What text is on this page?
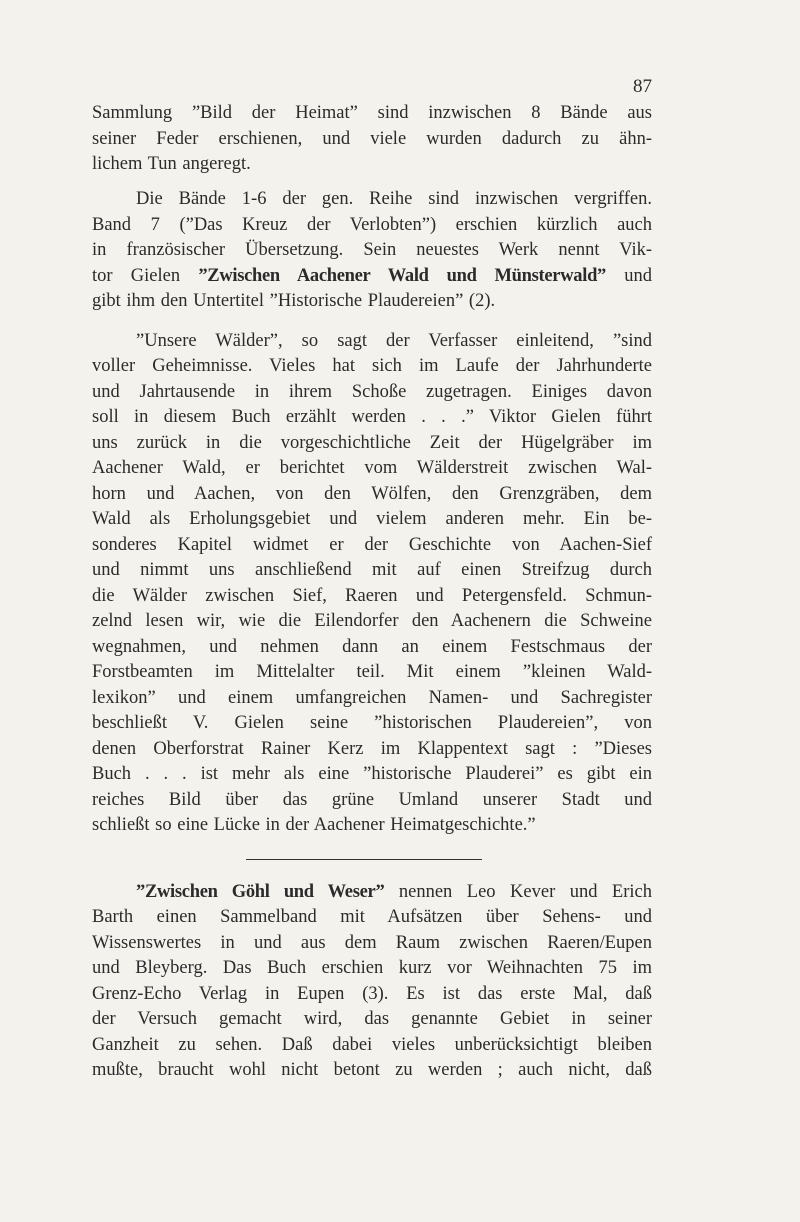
87
Sammlung ”Bild der Heimat” sind inzwischen 8 Bände aus
seiner Feder erschienen, und viele wurden dadurch zu ähn-
lichem Tun angeregt.
Die Bände 1-6 der gen. Reihe sind inzwischen vergriffen.
Band 7 (”Das Kreuz der Verlobten”) erschien kürzlich auch
in französischer Übersetzung. Sein neuestes Werk nennt Vik-
tor Gielen ”Zwischen Aachener Wald und Münsterwald” und
gibt ihm den Untertitel ”Historische Plaudereien” (2).
”Unsere Wälder”, so sagt der Verfasser einleitend, ”sind
voller Geheimnisse. Vieles hat sich im Laufe der Jahrhunderte
und Jahrtausende in ihrem Schoße zugetragen. Einiges davon
soll in diesem Buch erzählt werden . . .” Viktor Gielen führt
uns zurück in die vorgeschichtliche Zeit der Hügelgräber im
Aachener Wald, er berichtet vom Wälderstreit zwischen Wal-
horn und Aachen, von den Wölfen, den Grenzgräben, dem
Wald als Erholungsgebiet und vielem anderen mehr. Ein be-
sonderes Kapitel widmet er der Geschichte von Aachen-Sief
und nimmt uns anschließend mit auf einen Streifzug durch
die Wälder zwischen Sief, Raeren und Petergensfeld. Schmun-
zelnd lesen wir, wie die Eilendorfer den Aachenern die Schweine
wegnahmen, und nehmen dann an einem Festschmaus der
Forstbeamten im Mittelalter teil. Mit einem ”kleinen Wald-
lexikon” und einem umfangreichen Namen- und Sachregister
beschließt V. Gielen seine ”historischen Plaudereien”, von
denen Oberforstrat Rainer Kerz im Klappentext sagt : ”Dieses
Buch . . . ist mehr als eine ”historische Plauderei” es gibt ein
reiches Bild über das grüne Umland unserer Stadt und
schließt so eine Lücke in der Aachener Heimatgeschichte.”
”Zwischen Göhl und Weser” nennen Leo Kever und Erich
Barth einen Sammelband mit Aufsätzen über Sehens- und
Wissenswertes in und aus dem Raum zwischen Raeren/Eupen
und Bleyberg. Das Buch erschien kurz vor Weihnachten 75 im
Grenz-Echo Verlag in Eupen (3). Es ist das erste Mal, daß
der Versuch gemacht wird, das genannte Gebiet in seiner
Ganzheit zu sehen. Daß dabei vieles unberücksichtigt bleiben
mußte, braucht wohl nicht betont zu werden ; auch nicht, daß
